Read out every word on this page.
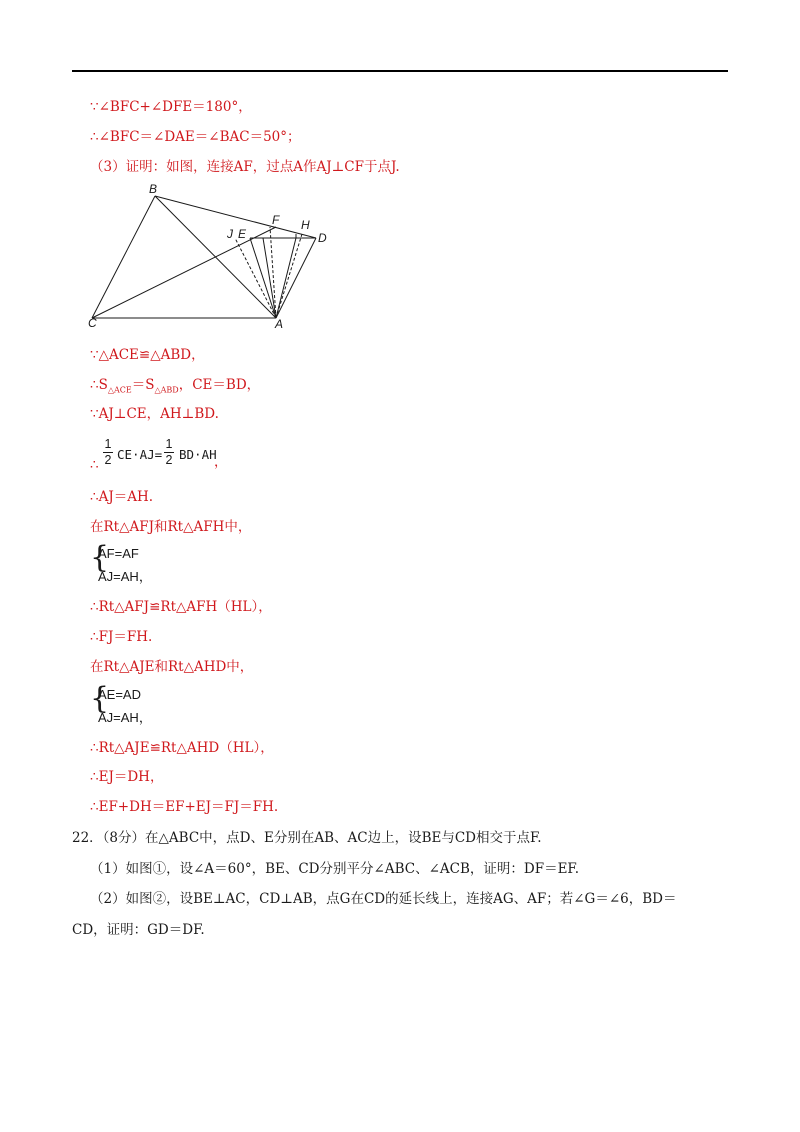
∵∠BFC+∠DFE＝180°，
∴∠BFC＝∠DAE＝∠BAC＝50°；
（3）证明：如图，连接AF，过点A作AJ⊥CF于点J.
B
C	A
F H
J E	D
∵△ACE≌△ABD，
$\therefore S_{\triangle ACE}=S_{\triangle ABD}$，CE＝BD，
∵AJ⊥CE，AH⊥BD.
∴
1
2 CE·AJ=
1
2 BD·AH
，
∴AJ＝AH.
在Rt△AFJ和Rt△AFH中，
{
AF=AF
AJ=AH，
∴Rt△AFJ≌Rt△AFH（HL），
∴FJ＝FH.
在Rt△AJE和Rt△AHD中，
{
AE=AD
AJ=AH，
∴Rt△AJE≌Rt△AHD（HL），
∴EJ＝DH，
∴EF+DH＝EF+EJ＝FJ＝FH.
22．（8分）在△ABC中，点D、E分别在AB、AC边上，设BE与CD相交于点F.
（1）如图①，设∠A＝60°，BE、CD分别平分∠ABC、∠ACB，证明：DF＝EF.
（2）如图②，设BE⊥AC，CD⊥AB，点G在CD的延长线上，连接AG、AF；若∠G＝∠6，BD＝
CD，证明：GD＝DF.
